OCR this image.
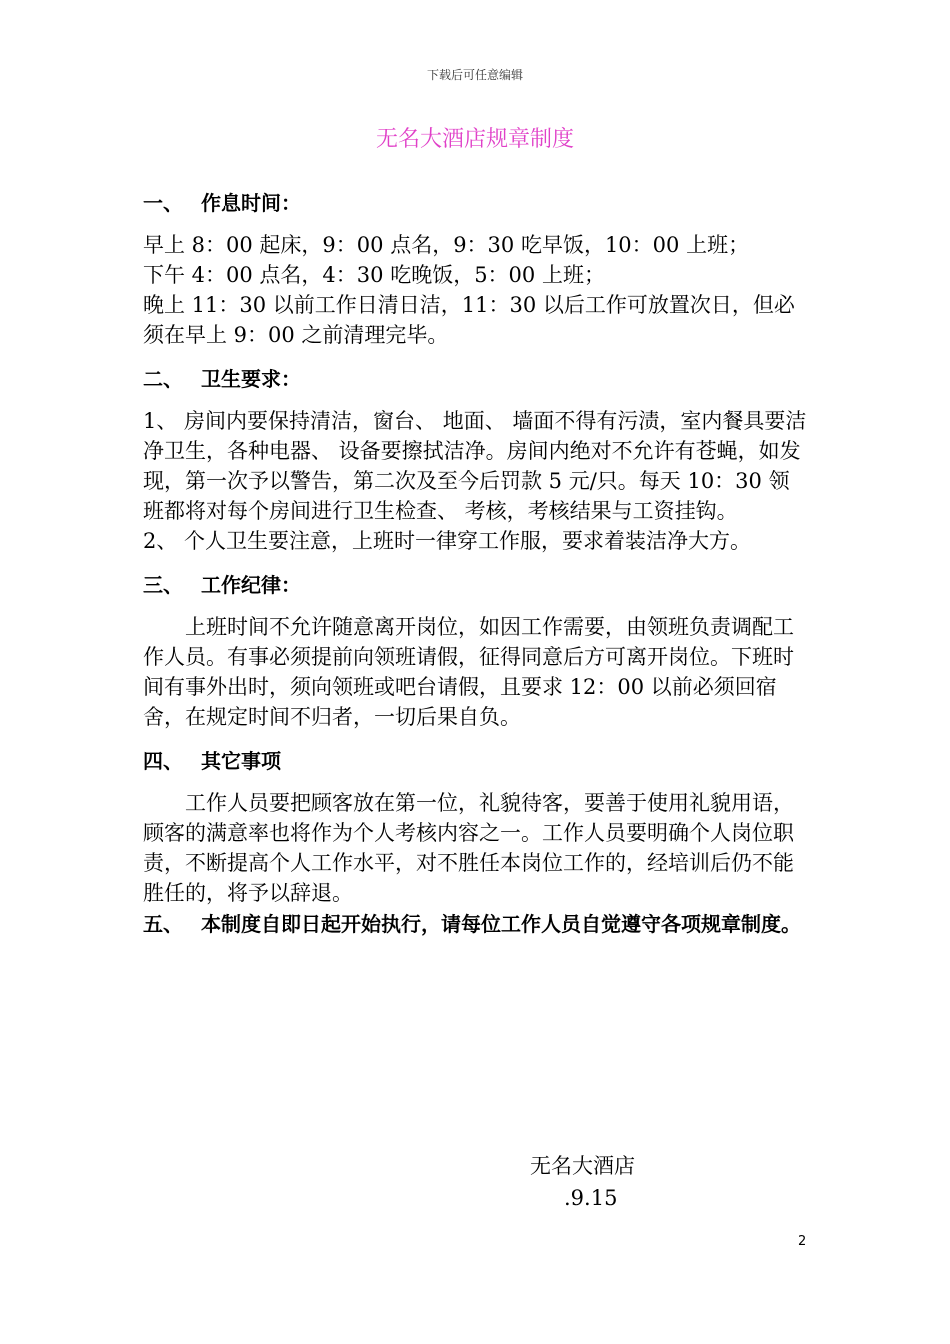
下载后可任意编辑
无名大酒店规章制度
一、 作息时间：

早上 8：00 起床，9：00 点名，9：30 吃早饭，10：00 上班；

下午 4：00 点名，4：30 吃晚饭，5：00 上班；

晚上 11：30 以前工作日清日洁，11：30 以后工作可放置次日，但必须在早上 9：00 之前清理完毕。

二、 卫生要求：

1、 房间内要保持清洁，窗台、 地面、 墙面不得有污渍，室内餐具要洁净卫生，各种电器、 设备要擦拭洁净。房间内绝对不允许有苍蝇，如发现，第一次予以警告，第二次及至今后罚款 5 元/只。每天 10：30 领班都将对每个房间进行卫生检查、 考核，考核结果与工资挂钩。

2、 个人卫生要注意，上班时一律穿工作服，要求着装洁净大方。

三、 工作纪律：

上班时间不允许随意离开岗位，如因工作需要，由领班负责调配工作人员。有事必须提前向领班请假，征得同意后方可离开岗位。下班时间有事外出时，须向领班或吧台请假，且要求 12：00 以前必须回宿舍，在规定时间不归者，一切后果自负。

四、 其它事项

工作人员要把顾客放在第一位，礼貌待客，要善于使用礼貌用语，顾客的满意率也将作为个人考核内容之一。工作人员要明确个人岗位职责，不断提高个人工作水平，对不胜任本岗位工作的，经培训后仍不能胜任的，将予以辞退。

五、 本制度自即日起开始执行，请每位工作人员自觉遵守各项规章制度。
无名大酒店
.9.15
2
